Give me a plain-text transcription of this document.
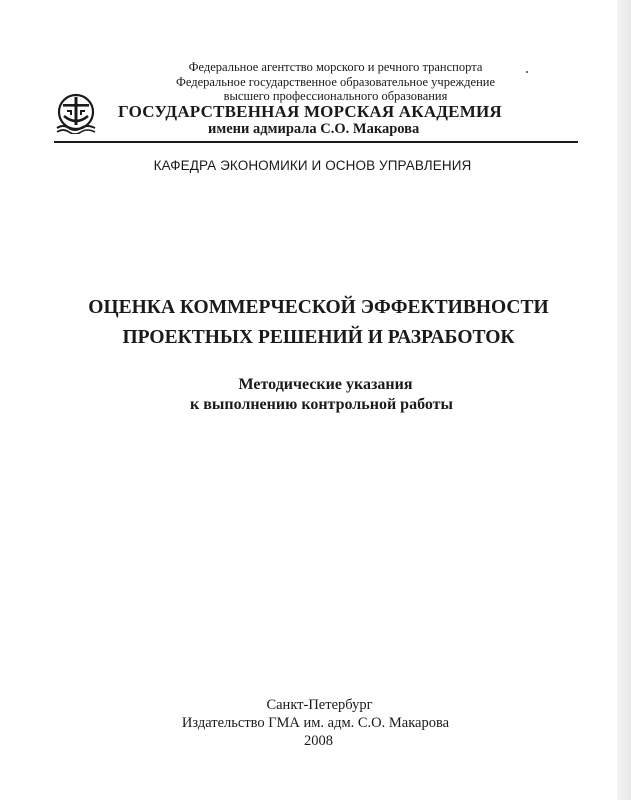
Федеральное агентство морского и речного транспорта
Федеральное государственное образовательное учреждение
высшего профессионального образования
ГОСУДАРСТВЕННАЯ МОРСКАЯ АКАДЕМИЯ
имени адмирала С.О. Макарова
КАФЕДРА ЭКОНОМИКИ И ОСНОВ УПРАВЛЕНИЯ
ОЦЕНКА КОММЕРЧЕСКОЙ ЭФФЕКТИВНОСТИ
ПРОЕКТНЫХ РЕШЕНИЙ И РАЗРАБОТОК
Методические указания
к выполнению контрольной работы
Санкт-Петербург
Издательство ГМА им. адм. С.О. Макарова
2008
